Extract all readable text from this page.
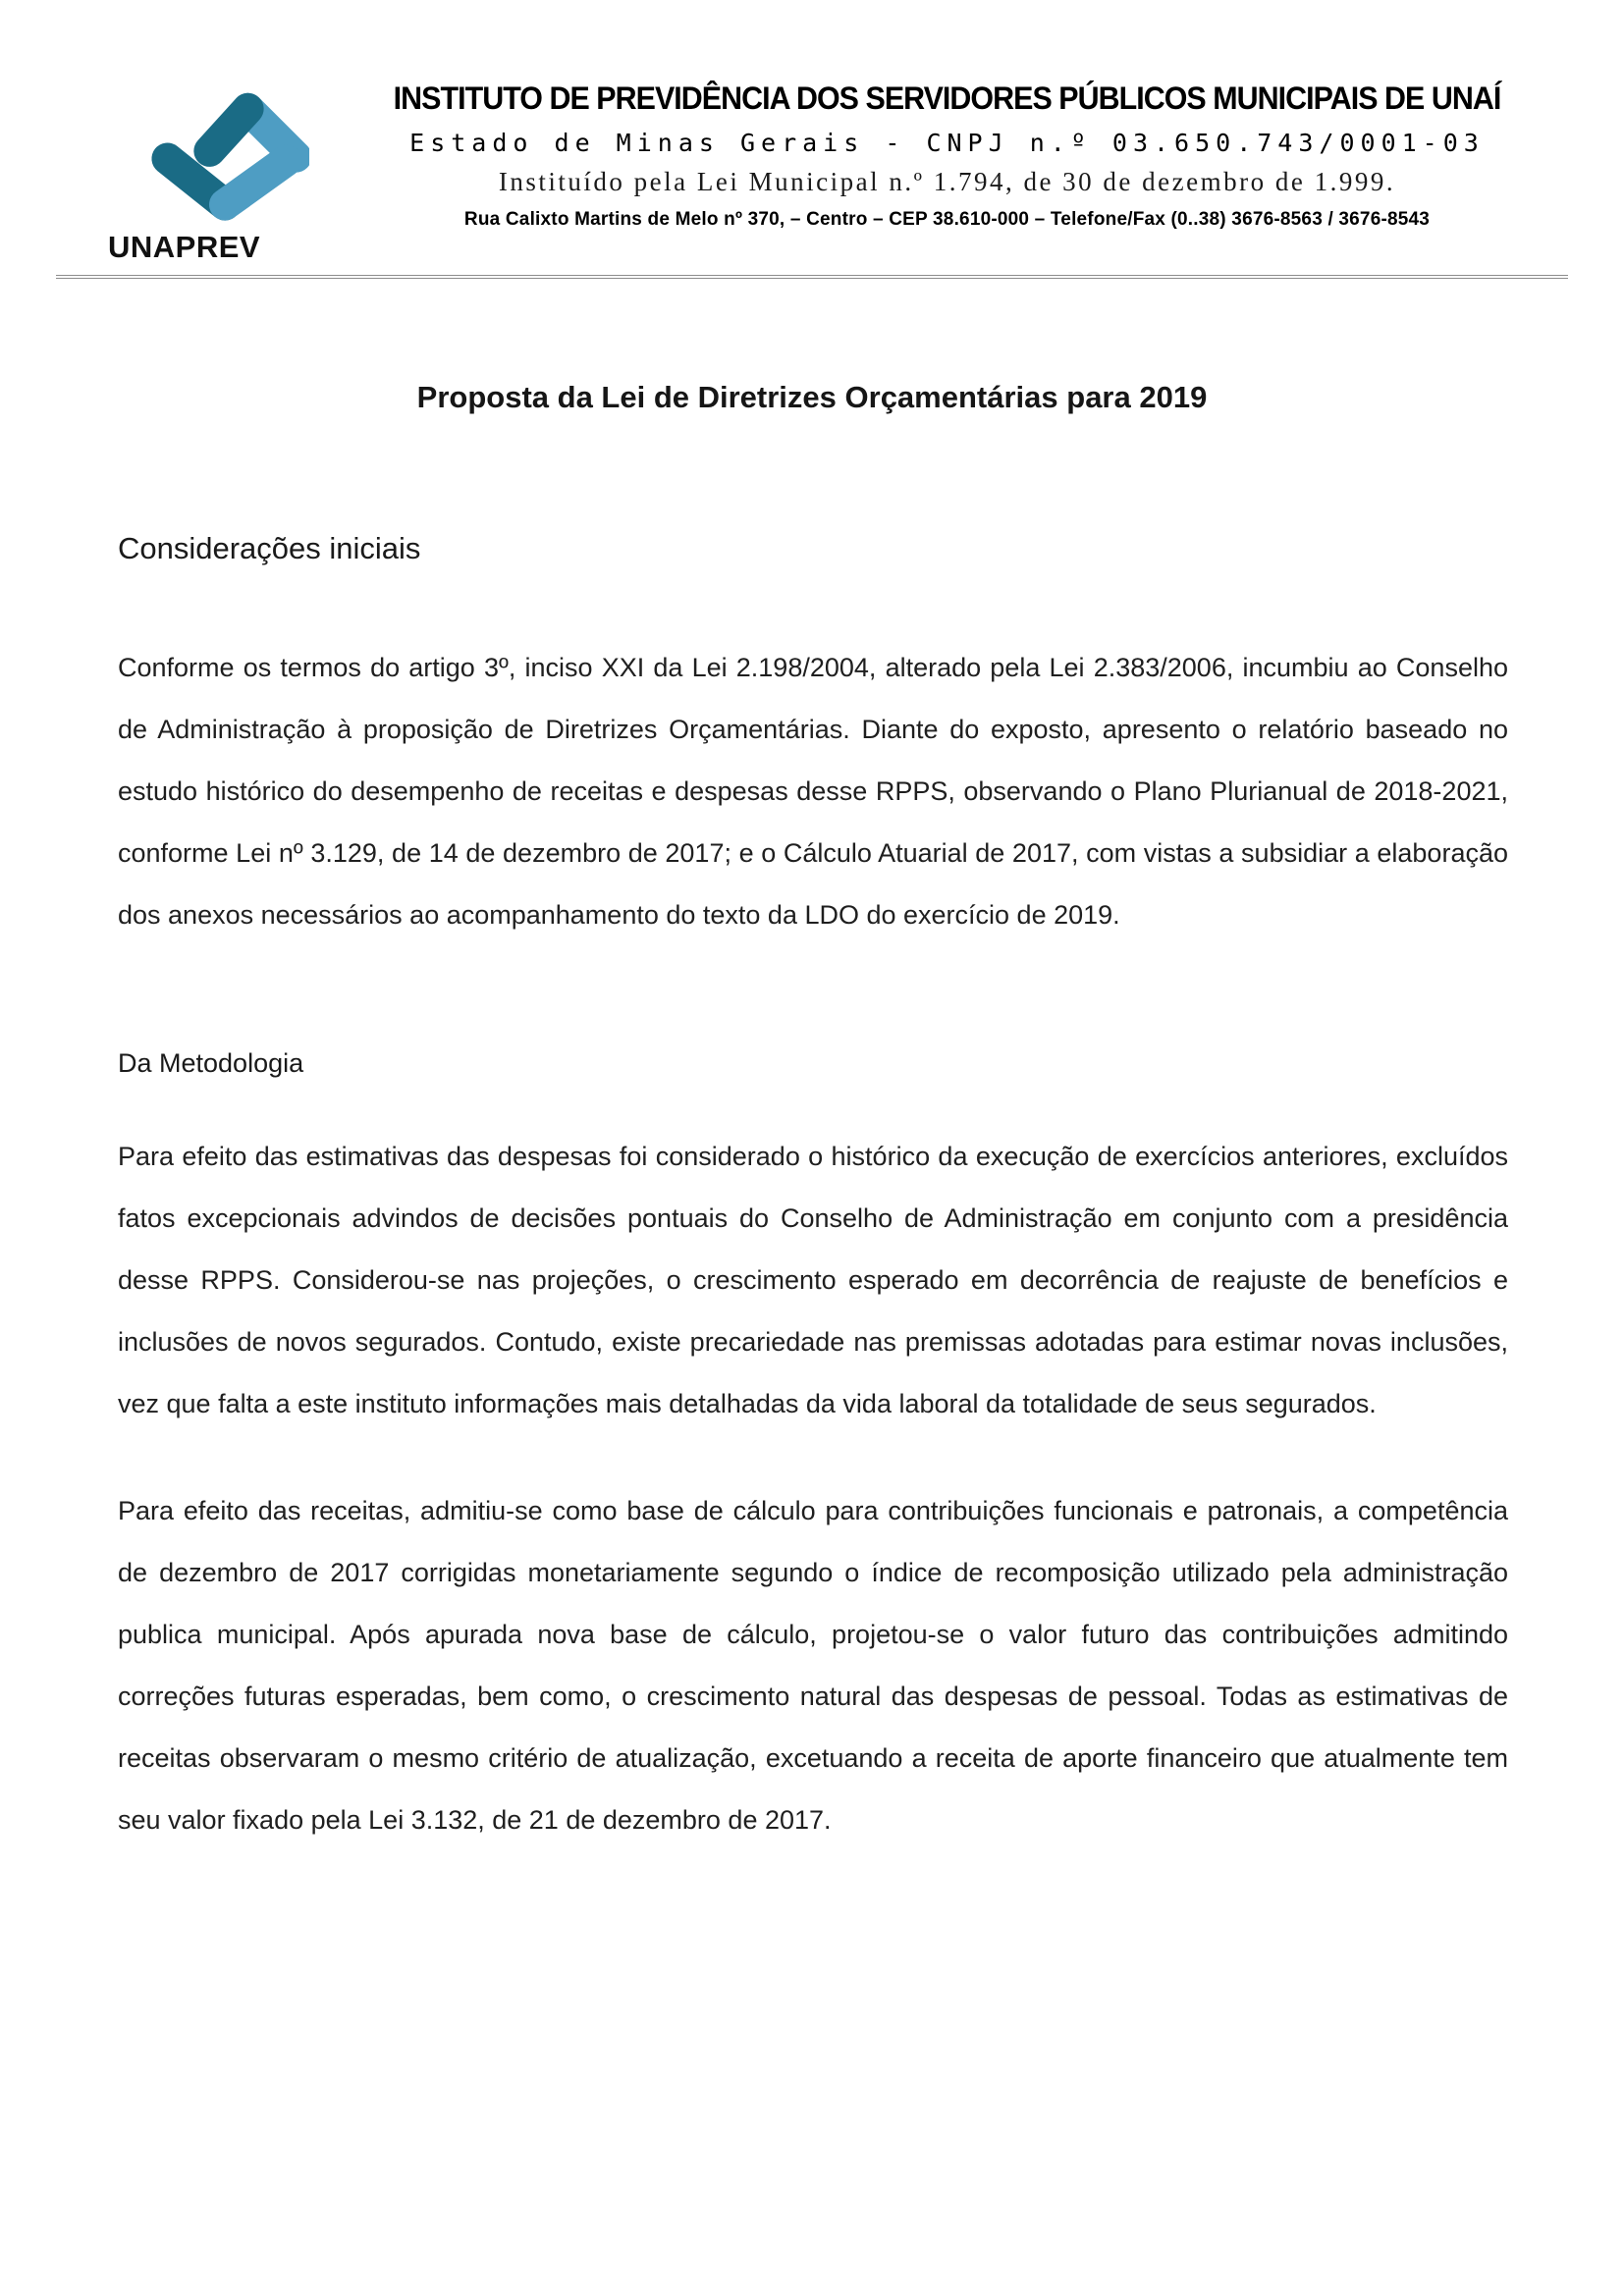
UNAPREV
INSTITUTO DE PREVIDÊNCIA DOS SERVIDORES PÚBLICOS MUNICIPAIS DE UNAÍ
Estado de Minas Gerais - CNPJ n.º 03.650.743/0001-03
Instituído pela Lei Municipal n.º 1.794, de 30 de dezembro de 1.999.
Rua Calixto Martins de Melo nº 370, – Centro – CEP 38.610-000 – Telefone/Fax (0..38) 3676-8563 / 3676-8543
Proposta da Lei de Diretrizes Orçamentárias para 2019
Considerações iniciais

Conforme os termos do artigo 3º, inciso XXI da Lei 2.198/2004, alterado pela Lei 2.383/2006, incumbiu ao Conselho de Administração à proposição de Diretrizes Orçamentárias. Diante do exposto, apresento o relatório baseado no estudo histórico do desempenho de receitas e despesas desse RPPS, observando o Plano Plurianual de 2018-2021, conforme Lei nº 3.129, de 14 de dezembro de 2017; e o Cálculo Atuarial de 2017, com vistas a subsidiar a elaboração dos anexos necessários ao acompanhamento do texto da LDO do exercício de 2019.

Da Metodologia

Para efeito das estimativas das despesas foi considerado o histórico da execução de exercícios anteriores, excluídos fatos excepcionais advindos de decisões pontuais do Conselho de Administração em conjunto com a presidência desse RPPS. Considerou-se nas projeções, o crescimento esperado em decorrência de reajuste de benefícios e inclusões de novos segurados. Contudo, existe precariedade nas premissas adotadas para estimar novas inclusões, vez que falta a este instituto informações mais detalhadas da vida laboral da totalidade de seus segurados.

Para efeito das receitas, admitiu-se como base de cálculo para contribuições funcionais e patronais, a competência de dezembro de 2017 corrigidas monetariamente segundo o índice de recomposição utilizado pela administração publica municipal. Após apurada nova base de cálculo, projetou-se o valor futuro das contribuições admitindo correções futuras esperadas, bem como, o crescimento natural das despesas de pessoal. Todas as estimativas de receitas observaram o mesmo critério de atualização, excetuando a receita de aporte financeiro que atualmente tem seu valor fixado pela Lei 3.132, de 21 de dezembro de 2017.
